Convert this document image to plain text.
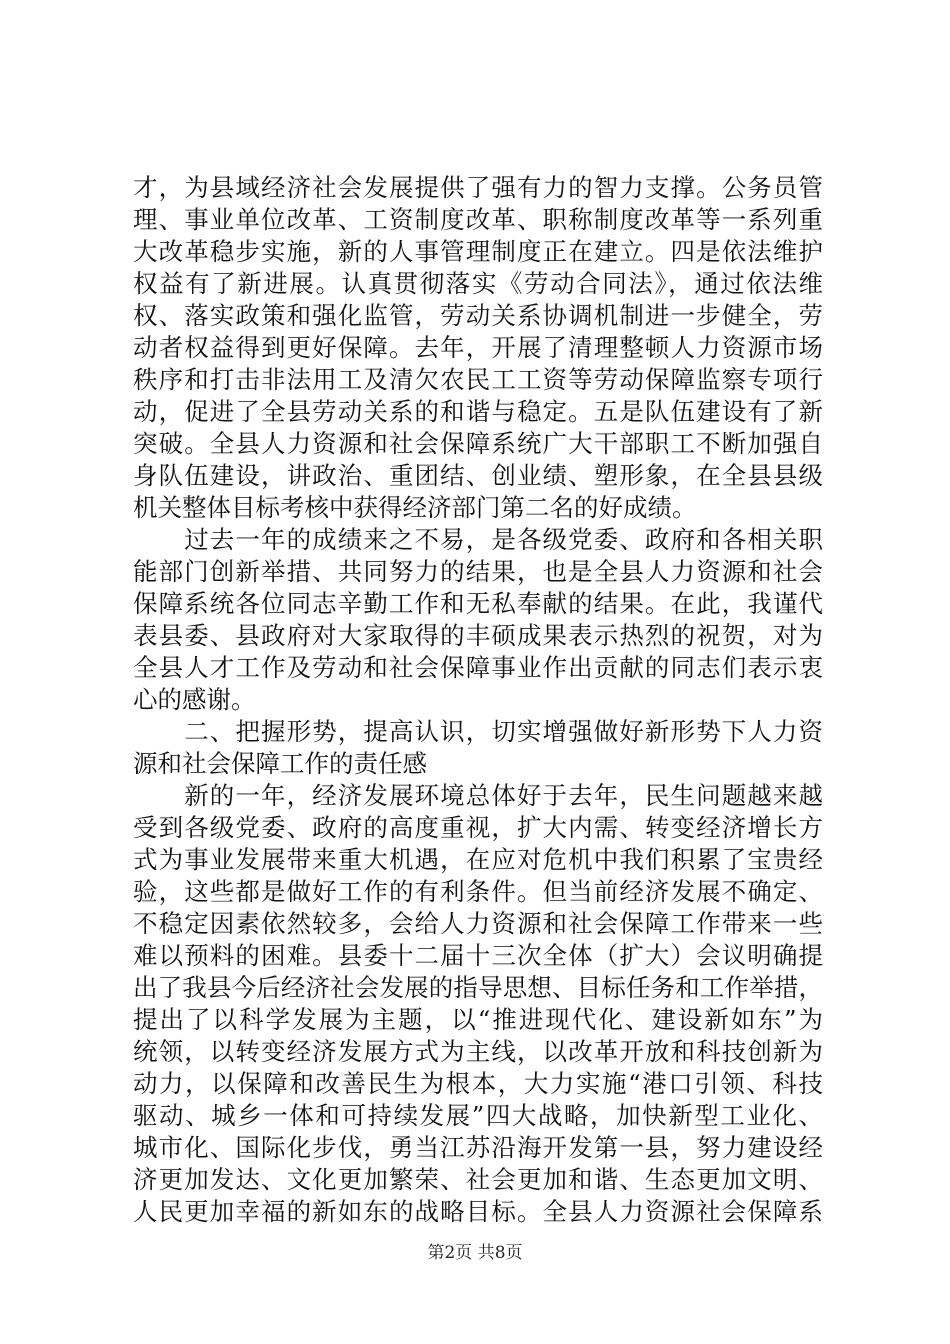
才，为县域经济社会发展提供了强有力的智力支撑。公务员管
理、事业单位改革、工资制度改革、职称制度改革等一系列重
大改革稳步实施，新的人事管理制度正在建立。四是依法维护
权益有了新进展。认真贯彻落实《劳动合同法》，通过依法维
权、落实政策和强化监管，劳动关系协调机制进一步健全，劳
动者权益得到更好保障。去年，开展了清理整顿人力资源市场
秩序和打击非法用工及清欠农民工工资等劳动保障监察专项行
动，促进了全县劳动关系的和谐与稳定。五是队伍建设有了新
突破。全县人力资源和社会保障系统广大干部职工不断加强自
身队伍建设，讲政治、重团结、创业绩、塑形象，在全县县级
机关整体目标考核中获得经济部门第二名的好成绩。
　　过去一年的成绩来之不易，是各级党委、政府和各相关职
能部门创新举措、共同努力的结果，也是全县人力资源和社会
保障系统各位同志辛勤工作和无私奉献的结果。在此，我谨代
表县委、县政府对大家取得的丰硕成果表示热烈的祝贺，对为
全县人才工作及劳动和社会保障事业作出贡献的同志们表示衷
心的感谢。
　　二、把握形势，提高认识，切实增强做好新形势下人力资
源和社会保障工作的责任感
　　新的一年，经济发展环境总体好于去年，民生问题越来越
受到各级党委、政府的高度重视，扩大内需、转变经济增长方
式为事业发展带来重大机遇，在应对危机中我们积累了宝贵经
验，这些都是做好工作的有利条件。但当前经济发展不确定、
不稳定因素依然较多，会给人力资源和社会保障工作带来一些
难以预料的困难。县委十二届十三次全体（扩大）会议明确提
出了我县今后经济社会发展的指导思想、目标任务和工作举措，
提出了以科学发展为主题，以“推进现代化、建设新如东”为
统领，以转变经济发展方式为主线，以改革开放和科技创新为
动力，以保障和改善民生为根本，大力实施“港口引领、科技
驱动、城乡一体和可持续发展”四大战略，加快新型工业化、
城市化、国际化步伐，勇当江苏沿海开发第一县，努力建设经
济更加发达、文化更加繁荣、社会更加和谐、生态更加文明、
人民更加幸福的新如东的战略目标。全县人力资源社会保障系
第2页 共8页
